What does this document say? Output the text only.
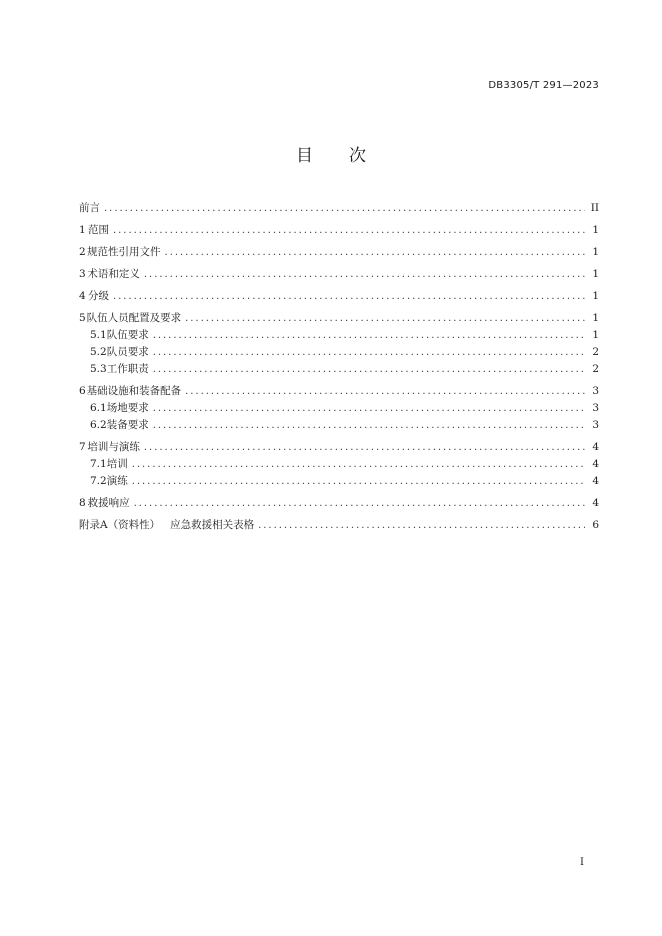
DB3305/T 291—2023
目 次
前言 . . .	II
1 范围 . . .	1
2 规范性引用文件 . . .	1
3 术语和定义 . . .	1
4 分级 . . .	1
5 队伍人员配置及要求 . . .	1
5.1 队伍要求 . . .	1
5.2 队员要求 . . .	2
5.3 工作职责 . . .	2
6 基础设施和装备配备 . . .	3
6.1 场地要求 . . .	3
6.2 装备要求 . . .	3
7 培训与演练 . . .	4
7.1 培训 . . .	4
7.2 演练 . . .	4
8 救援响应 . . .	4
附录A（资料性） 应急救援相关表格 . . .	6
I
